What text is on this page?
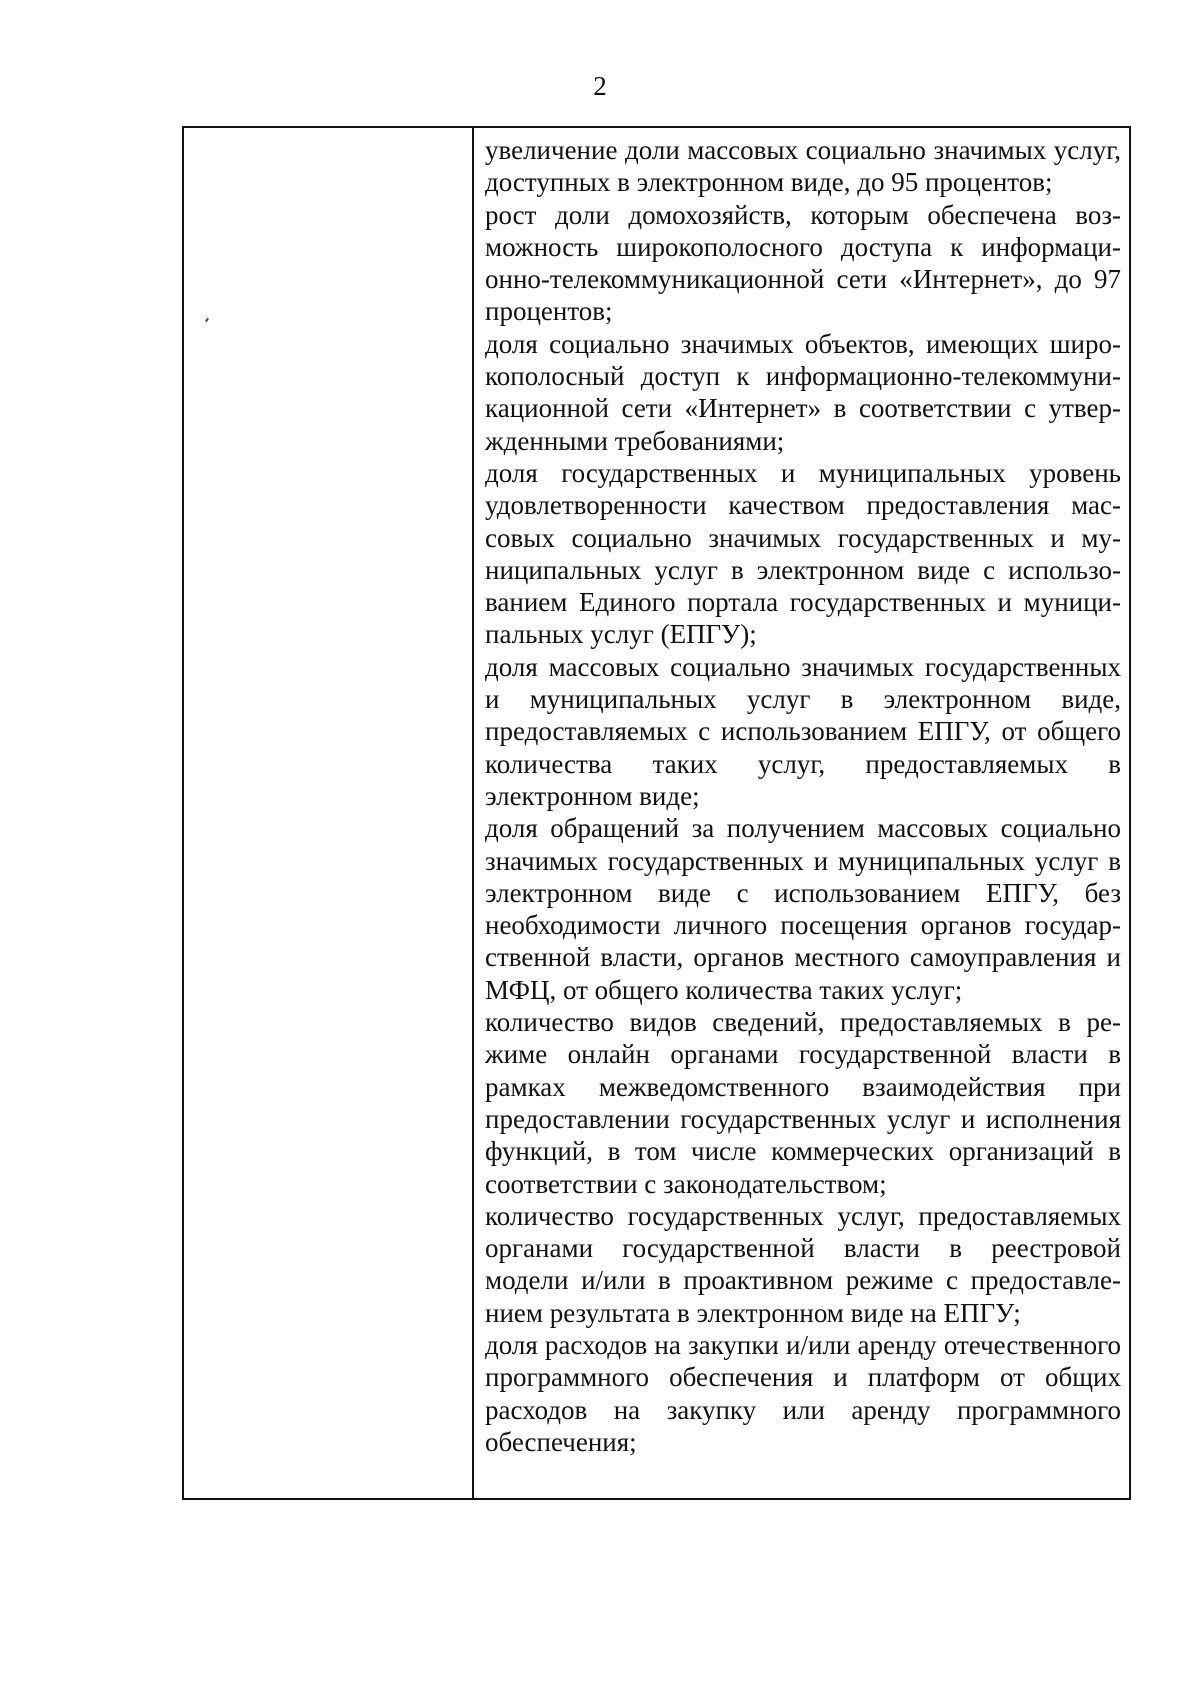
2

увеличение доли массовых социально значимых услуг, доступных в электронном виде, до 95 процентов;

рост доли домохозяйств, которым обеспечена возможность широкополосного доступа к информационно-телекоммуникационной сети «Интернет», до 97 процентов;

доля социально значимых объектов, имеющих широкополосный доступ к информационно-телекоммуникационной сети «Интернет» в соответствии с утвержденными требованиями;

доля государственных и муниципальных уровень удовлетворенности качеством предоставления массовых социально значимых государственных и муниципальных услуг в электронном виде с использованием Единого портала государственных и муниципальных услуг (ЕПГУ);

доля массовых социально значимых государственных и муниципальных услуг в электронном виде, предоставляемых с использованием ЕПГУ, от общего количества таких услуг, предоставляемых в электронном виде;

доля обращений за получением массовых социально значимых государственных и муниципальных услуг в электронном виде с использованием ЕПГУ, без необходимости личного посещения органов государственной власти, органов местного самоуправления и МФЦ, от общего количества таких услуг;

количество видов сведений, предоставляемых в режиме онлайн органами государственной власти в рамках межведомственного взаимодействия при предоставлении государственных услуг и исполнения функций, в том числе коммерческих организаций в соответствии с законодательством;

количество государственных услуг, предоставляемых органами государственной власти в реестровой модели и/или в проактивном режиме с предоставлением результата в электронном виде на ЕПГУ;

доля расходов на закупки и/или аренду отечественного программного обеспечения и платформ от общих расходов на закупку или аренду программного обеспечения;
